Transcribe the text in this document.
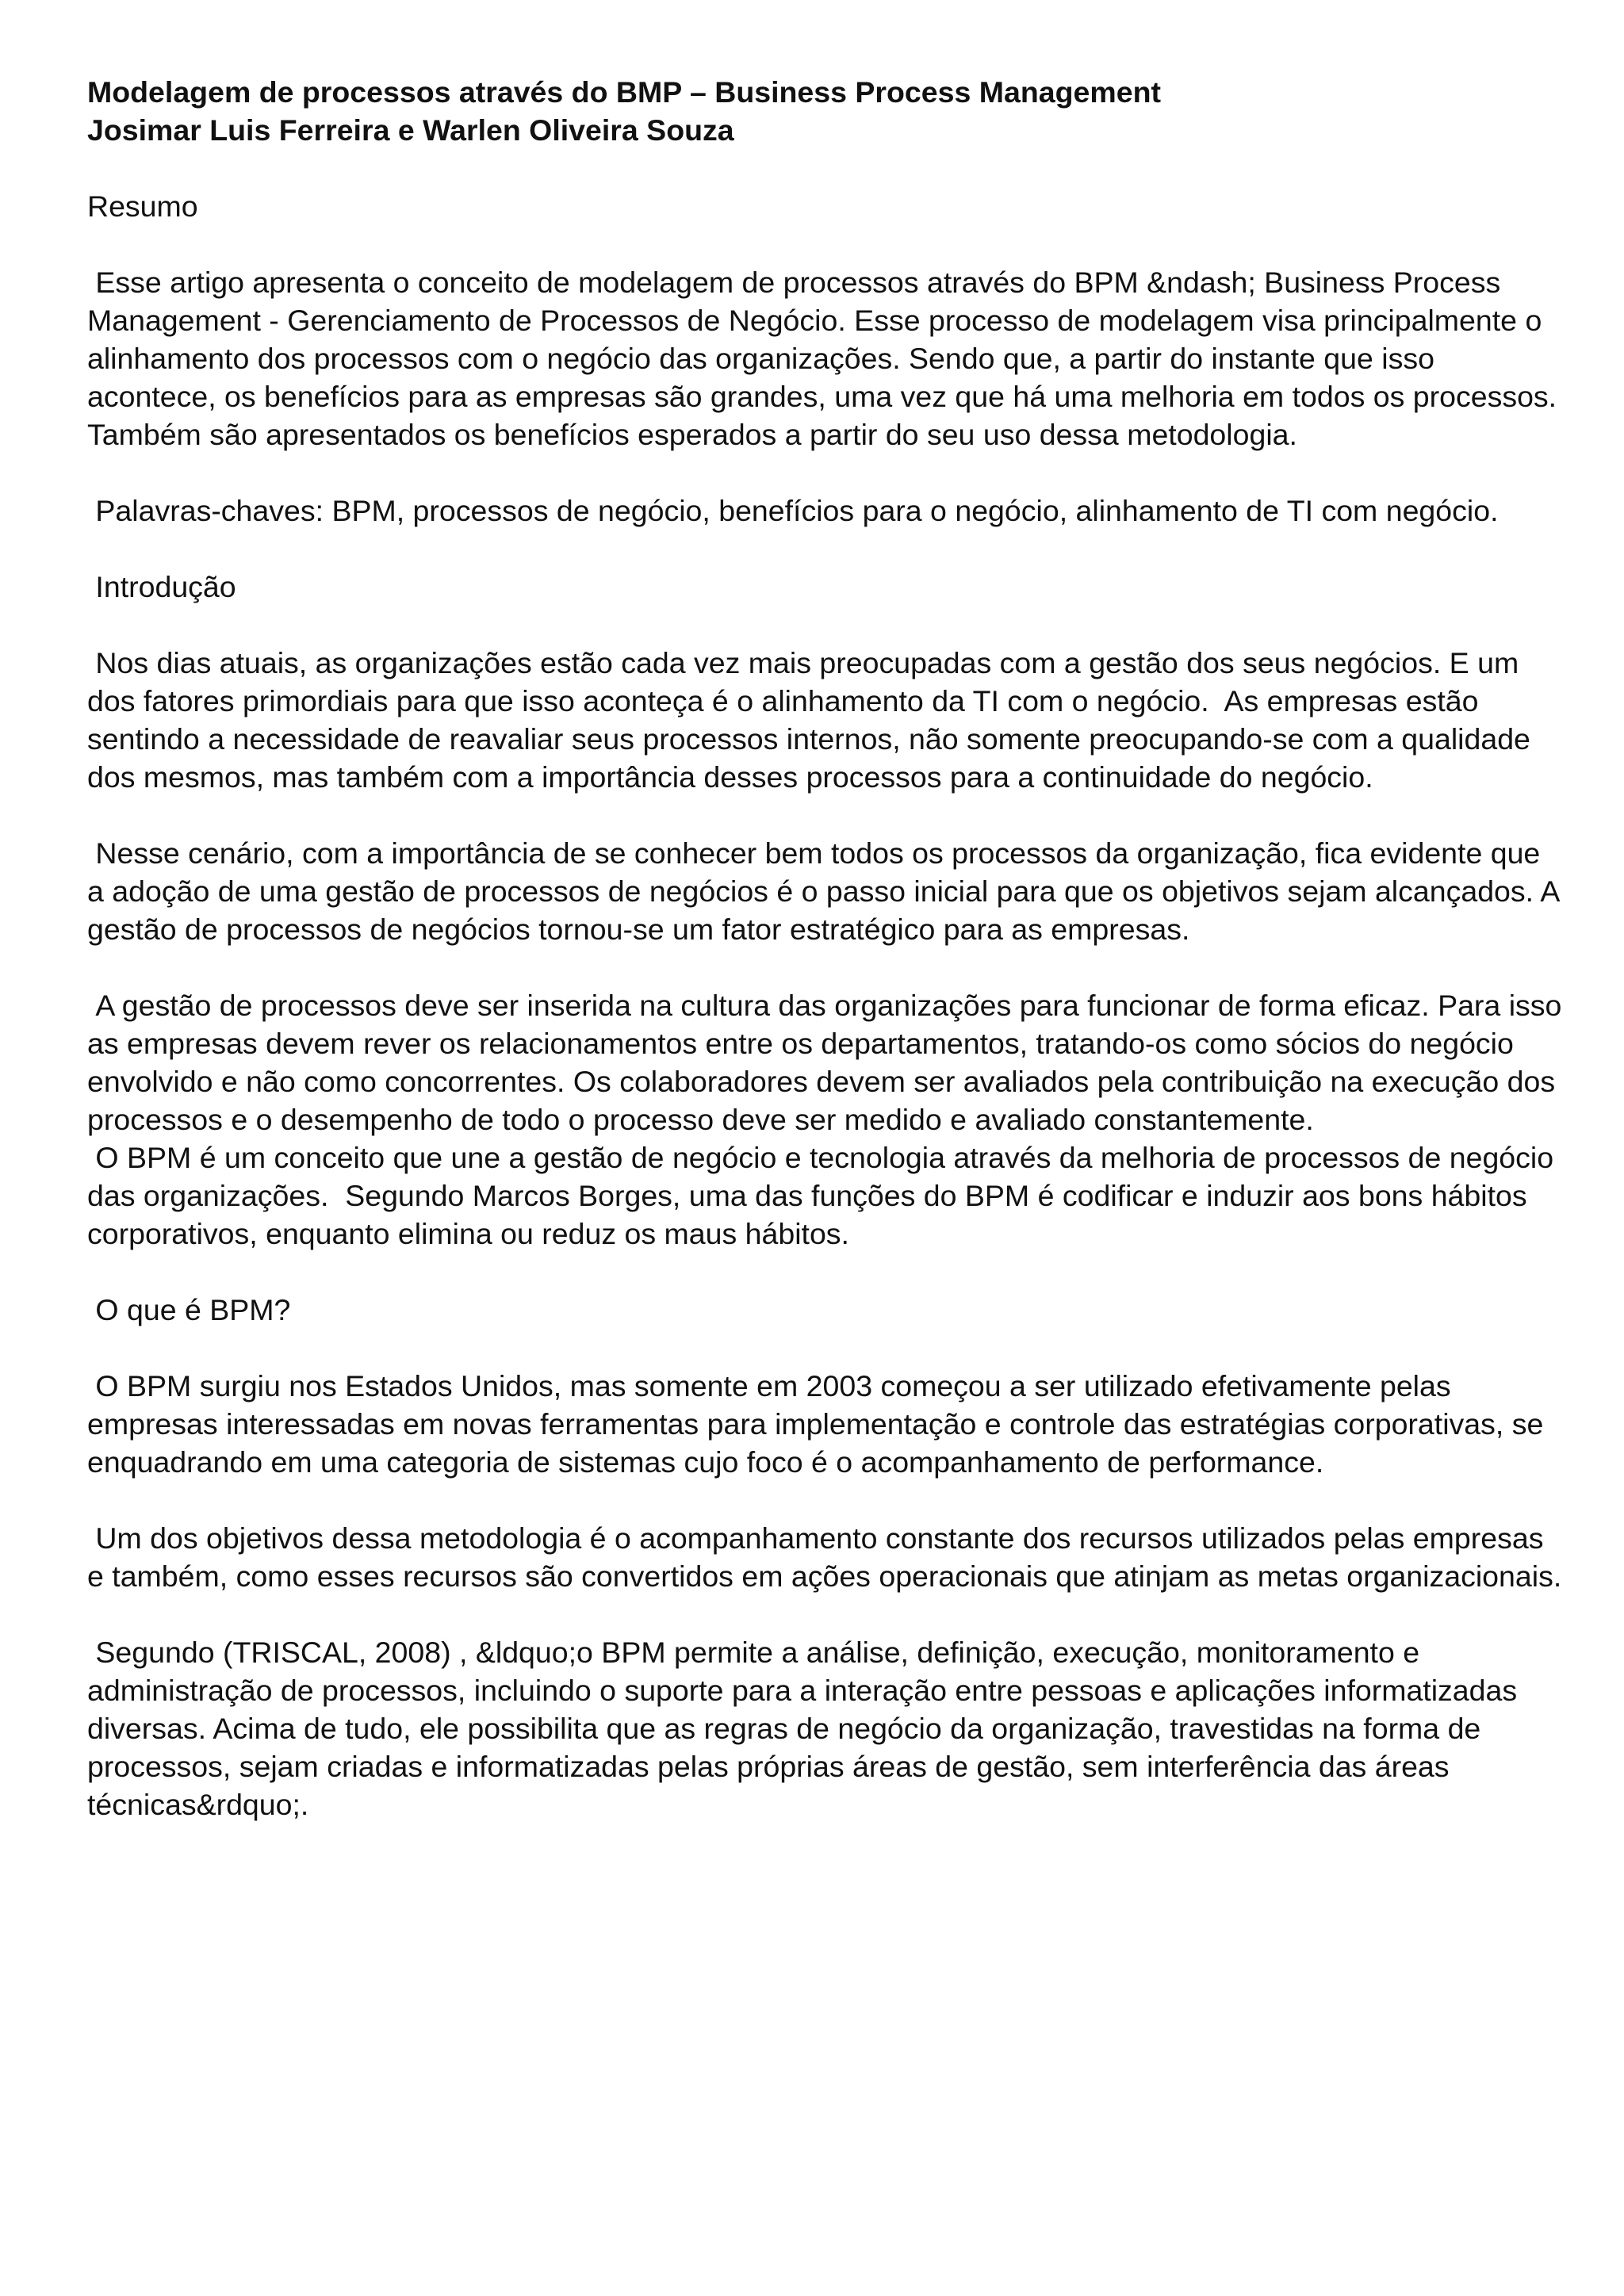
Modelagem de processos através do BMP – Business Process Management

Josimar Luis Ferreira e Warlen Oliveira Souza

Resumo

Esse artigo apresenta o conceito de modelagem de processos através do BPM &ndash; Business Process Management - Gerenciamento de Processos de Negócio. Esse processo de modelagem visa principalmente o alinhamento dos processos com o negócio das organizações. Sendo que, a partir do instante que isso acontece, os benefícios para as empresas são grandes, uma vez que há uma melhoria em todos os processos. Também são apresentados os benefícios esperados a partir do seu uso dessa metodologia.

Palavras-chaves: BPM, processos de negócio, benefícios para o negócio, alinhamento de TI com negócio.

Introdução

Nos dias atuais, as organizações estão cada vez mais preocupadas com a gestão dos seus negócios. E um dos fatores primordiais para que isso aconteça é o alinhamento da TI com o negócio.  As empresas estão sentindo a necessidade de reavaliar seus processos internos, não somente preocupando-se com a qualidade dos mesmos, mas também com a importância desses processos para a continuidade do negócio.

Nesse cenário, com a importância de se conhecer bem todos os processos da organização, fica evidente que a adoção de uma gestão de processos de negócios é o passo inicial para que os objetivos sejam alcançados. A gestão de processos de negócios tornou-se um fator estratégico para as empresas.

A gestão de processos deve ser inserida na cultura das organizações para funcionar de forma eficaz. Para isso as empresas devem rever os relacionamentos entre os departamentos, tratando-os como sócios do negócio envolvido e não como concorrentes. Os colaboradores devem ser avaliados pela contribuição na execução dos processos e o desempenho de todo o processo deve ser medido e avaliado constantemente.

O BPM é um conceito que une a gestão de negócio e tecnologia através da melhoria de processos de negócio das organizações.  Segundo Marcos Borges, uma das funções do BPM é codificar e induzir aos bons hábitos corporativos, enquanto elimina ou reduz os maus hábitos.

O que é BPM?

O BPM surgiu nos Estados Unidos, mas somente em 2003 começou a ser utilizado efetivamente pelas empresas interessadas em novas ferramentas para implementação e controle das estratégias corporativas, se enquadrando em uma categoria de sistemas cujo foco é o acompanhamento de performance.

Um dos objetivos dessa metodologia é o acompanhamento constante dos recursos utilizados pelas empresas e também, como esses recursos são convertidos em ações operacionais que atinjam as metas organizacionais.

Segundo (TRISCAL, 2008) , &ldquo;o BPM permite a análise, definição, execução, monitoramento e administração de processos, incluindo o suporte para a interação entre pessoas e aplicações informatizadas diversas. Acima de tudo, ele possibilita que as regras de negócio da organização, travestidas na forma de processos, sejam criadas e informatizadas pelas próprias áreas de gestão, sem interferência das áreas técnicas&rdquo;.
